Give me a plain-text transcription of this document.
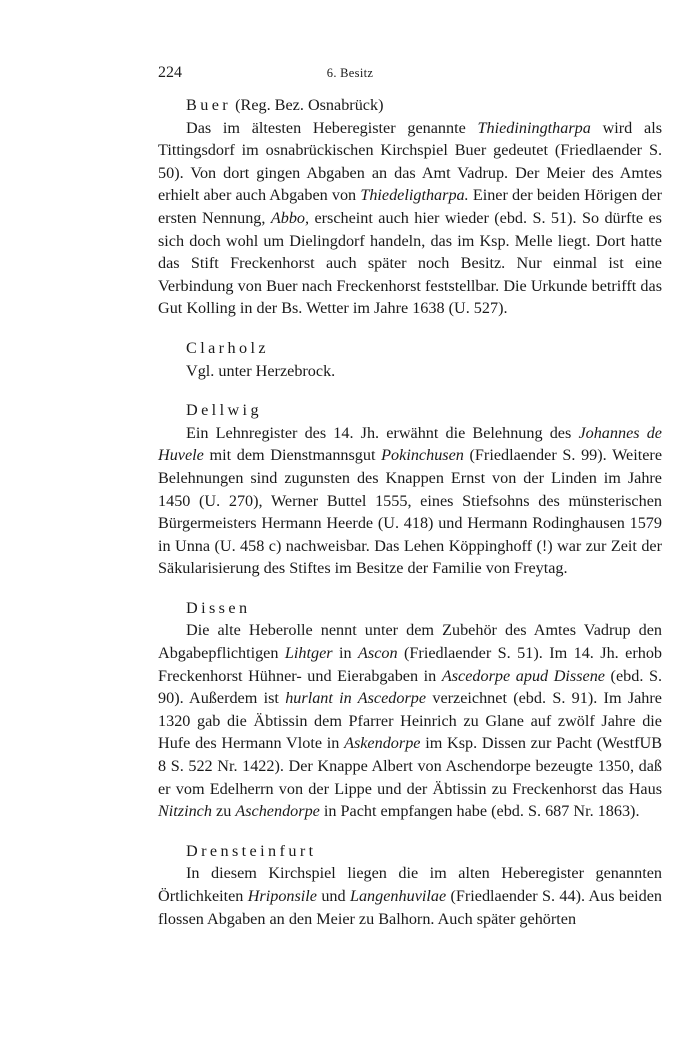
224	6. Besitz

Buer (Reg. Bez. Osnabrück)

Das im ältesten Heberegister genannte Thiediningtharpa wird als Tittingsdorf im osnabrückischen Kirchspiel Buer gedeutet (Friedlaender S. 50). Von dort gingen Abgaben an das Amt Vadrup. Der Meier des Amtes erhielt aber auch Abgaben von Thiedeligtharpa. Einer der beiden Hörigen der ersten Nennung, Abbo, erscheint auch hier wieder (ebd. S. 51). So dürfte es sich doch wohl um Dielingdorf handeln, das im Ksp. Melle liegt. Dort hatte das Stift Freckenhorst auch später noch Besitz. Nur einmal ist eine Verbindung von Buer nach Freckenhorst feststellbar. Die Urkunde betrifft das Gut Kolling in der Bs. Wetter im Jahre 1638 (U. 527).

Clarholz

Vgl. unter Herzebrock.

Dellwig

Ein Lehnregister des 14. Jh. erwähnt die Belehnung des Johannes de Huvele mit dem Dienstmannsgut Pokinchusen (Friedlaender S. 99). Weitere Belehnungen sind zugunsten des Knappen Ernst von der Linden im Jahre 1450 (U. 270), Werner Buttel 1555, eines Stiefsohns des münsterischen Bürgermeisters Hermann Heerde (U. 418) und Hermann Rodinghausen 1579 in Unna (U. 458 c) nachweisbar. Das Lehen Köppinghoff (!) war zur Zeit der Säkularisierung des Stiftes im Besitze der Familie von Freytag.

Dissen

Die alte Heberolle nennt unter dem Zubehör des Amtes Vadrup den Abgabepflichtigen Lihtger in Ascon (Friedlaender S. 51). Im 14. Jh. erhob Freckenhorst Hühner- und Eierabgaben in Ascedorpe apud Dissene (ebd. S. 90). Außerdem ist hurlant in Ascedorpe verzeichnet (ebd. S. 91). Im Jahre 1320 gab die Äbtissin dem Pfarrer Heinrich zu Glane auf zwölf Jahre die Hufe des Hermann Vlote in Askendorpe im Ksp. Dissen zur Pacht (WestfUB 8 S. 522 Nr. 1422). Der Knappe Albert von Aschendorpe bezeugte 1350, daß er vom Edelherrn von der Lippe und der Äbtissin zu Freckenhorst das Haus Nitzinch zu Aschendorpe in Pacht empfangen habe (ebd. S. 687 Nr. 1863).

Drensteinfurt

In diesem Kirchspiel liegen die im alten Heberegister genannten Örtlichkeiten Hriponsile und Langenhuvilae (Friedlaender S. 44). Aus beiden flossen Abgaben an den Meier zu Balhorn. Auch später gehörten
